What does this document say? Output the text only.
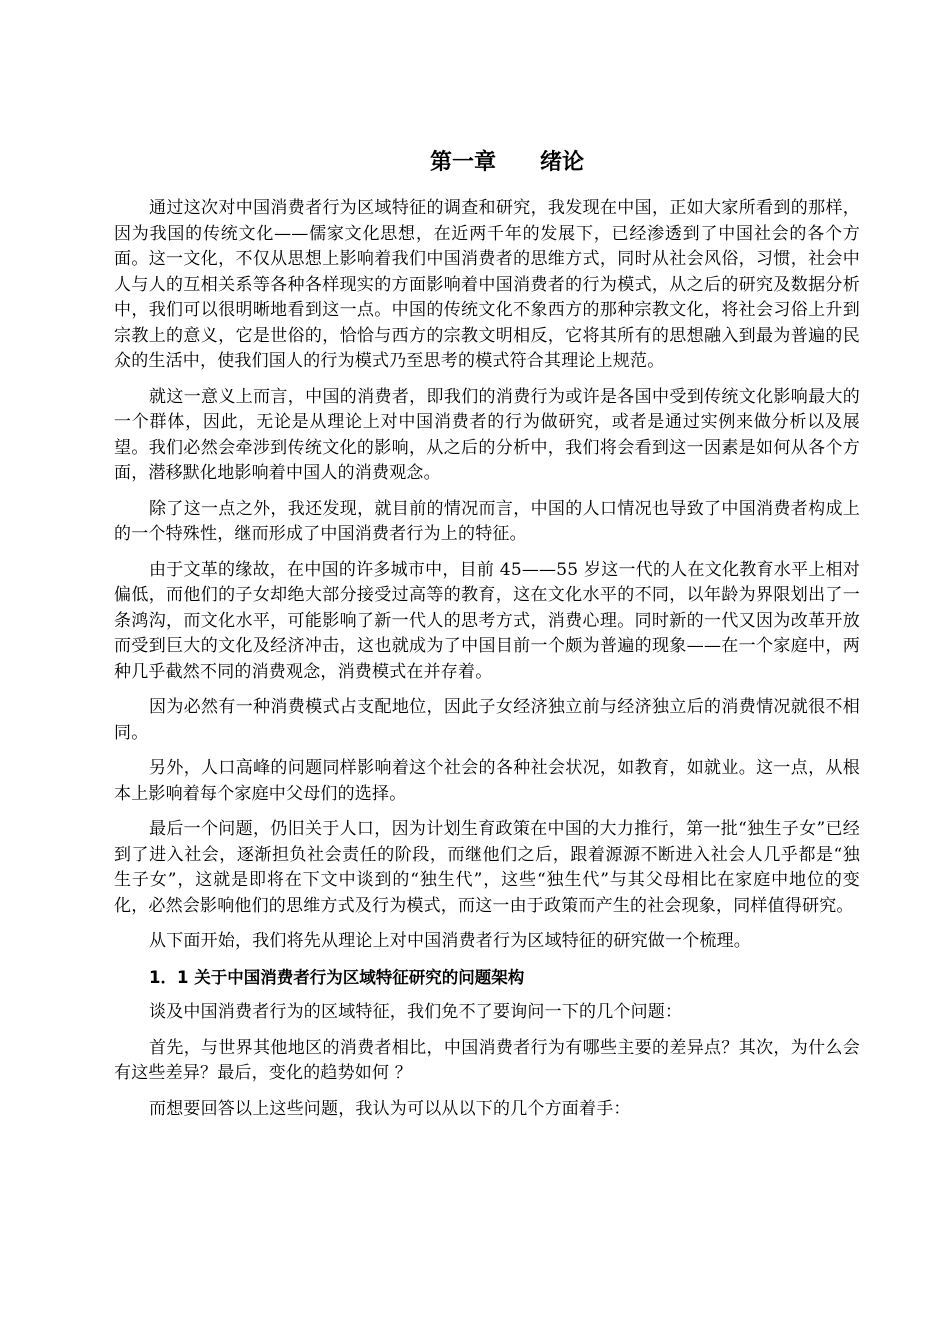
第一章　　绪论

通过这次对中国消费者行为区域特征的调查和研究，我发现在中国，正如大家所看到的那样，因为我国的传统文化——儒家文化思想，在近两千年的发展下，已经渗透到了中国社会的各个方面。这一文化，不仅从思想上影响着我们中国消费者的思维方式，同时从社会风俗，习惯，社会中人与人的互相关系等各种各样现实的方面影响着中国消费者的行为模式，从之后的研究及数据分析中，我们可以很明晰地看到这一点。中国的传统文化不象西方的那种宗教文化，将社会习俗上升到宗教上的意义，它是世俗的，恰恰与西方的宗教文明相反，它将其所有的思想融入到最为普遍的民众的生活中，使我们国人的行为模式乃至思考的模式符合其理论上规范。

就这一意义上而言，中国的消费者，即我们的消费行为或许是各国中受到传统文化影响最大的一个群体，因此，无论是从理论上对中国消费者的行为做研究，或者是通过实例来做分析以及展望。我们必然会牵涉到传统文化的影响，从之后的分析中，我们将会看到这一因素是如何从各个方面，潜移默化地影响着中国人的消费观念。

除了这一点之外，我还发现，就目前的情况而言，中国的人口情况也导致了中国消费者构成上的一个特殊性，继而形成了中国消费者行为上的特征。

由于文革的缘故，在中国的许多城市中，目前 45——55 岁这一代的人在文化教育水平上相对偏低，而他们的子女却绝大部分接受过高等的教育，这在文化水平的不同，以年龄为界限划出了一条鸿沟，而文化水平，可能影响了新一代人的思考方式，消费心理。同时新的一代又因为改革开放而受到巨大的文化及经济冲击，这也就成为了中国目前一个颇为普遍的现象——在一个家庭中，两种几乎截然不同的消费观念，消费模式在并存着。

因为必然有一种消费模式占支配地位，因此子女经济独立前与经济独立后的消费情况就很不相同。

另外，人口高峰的问题同样影响着这个社会的各种社会状况，如教育，如就业。这一点，从根本上影响着每个家庭中父母们的选择。

最后一个问题，仍旧关于人口，因为计划生育政策在中国的大力推行，第一批“独生子女”已经到了进入社会，逐渐担负社会责任的阶段，而继他们之后，跟着源源不断进入社会人几乎都是“独生子女”，这就是即将在下文中谈到的“独生代”，这些“独生代”与其父母相比在家庭中地位的变化，必然会影响他们的思维方式及行为模式，而这一由于政策而产生的社会现象，同样值得研究。

从下面开始，我们将先从理论上对中国消费者行为区域特征的研究做一个梳理。

1．1 关于中国消费者行为区域特征研究的问题架构

谈及中国消费者行为的区域特征，我们免不了要询问一下的几个问题：

首先，与世界其他地区的消费者相比，中国消费者行为有哪些主要的差异点？其次，为什么会有这些差异？最后，变化的趋势如何 ？

而想要回答以上这些问题，我认为可以从以下的几个方面着手：
